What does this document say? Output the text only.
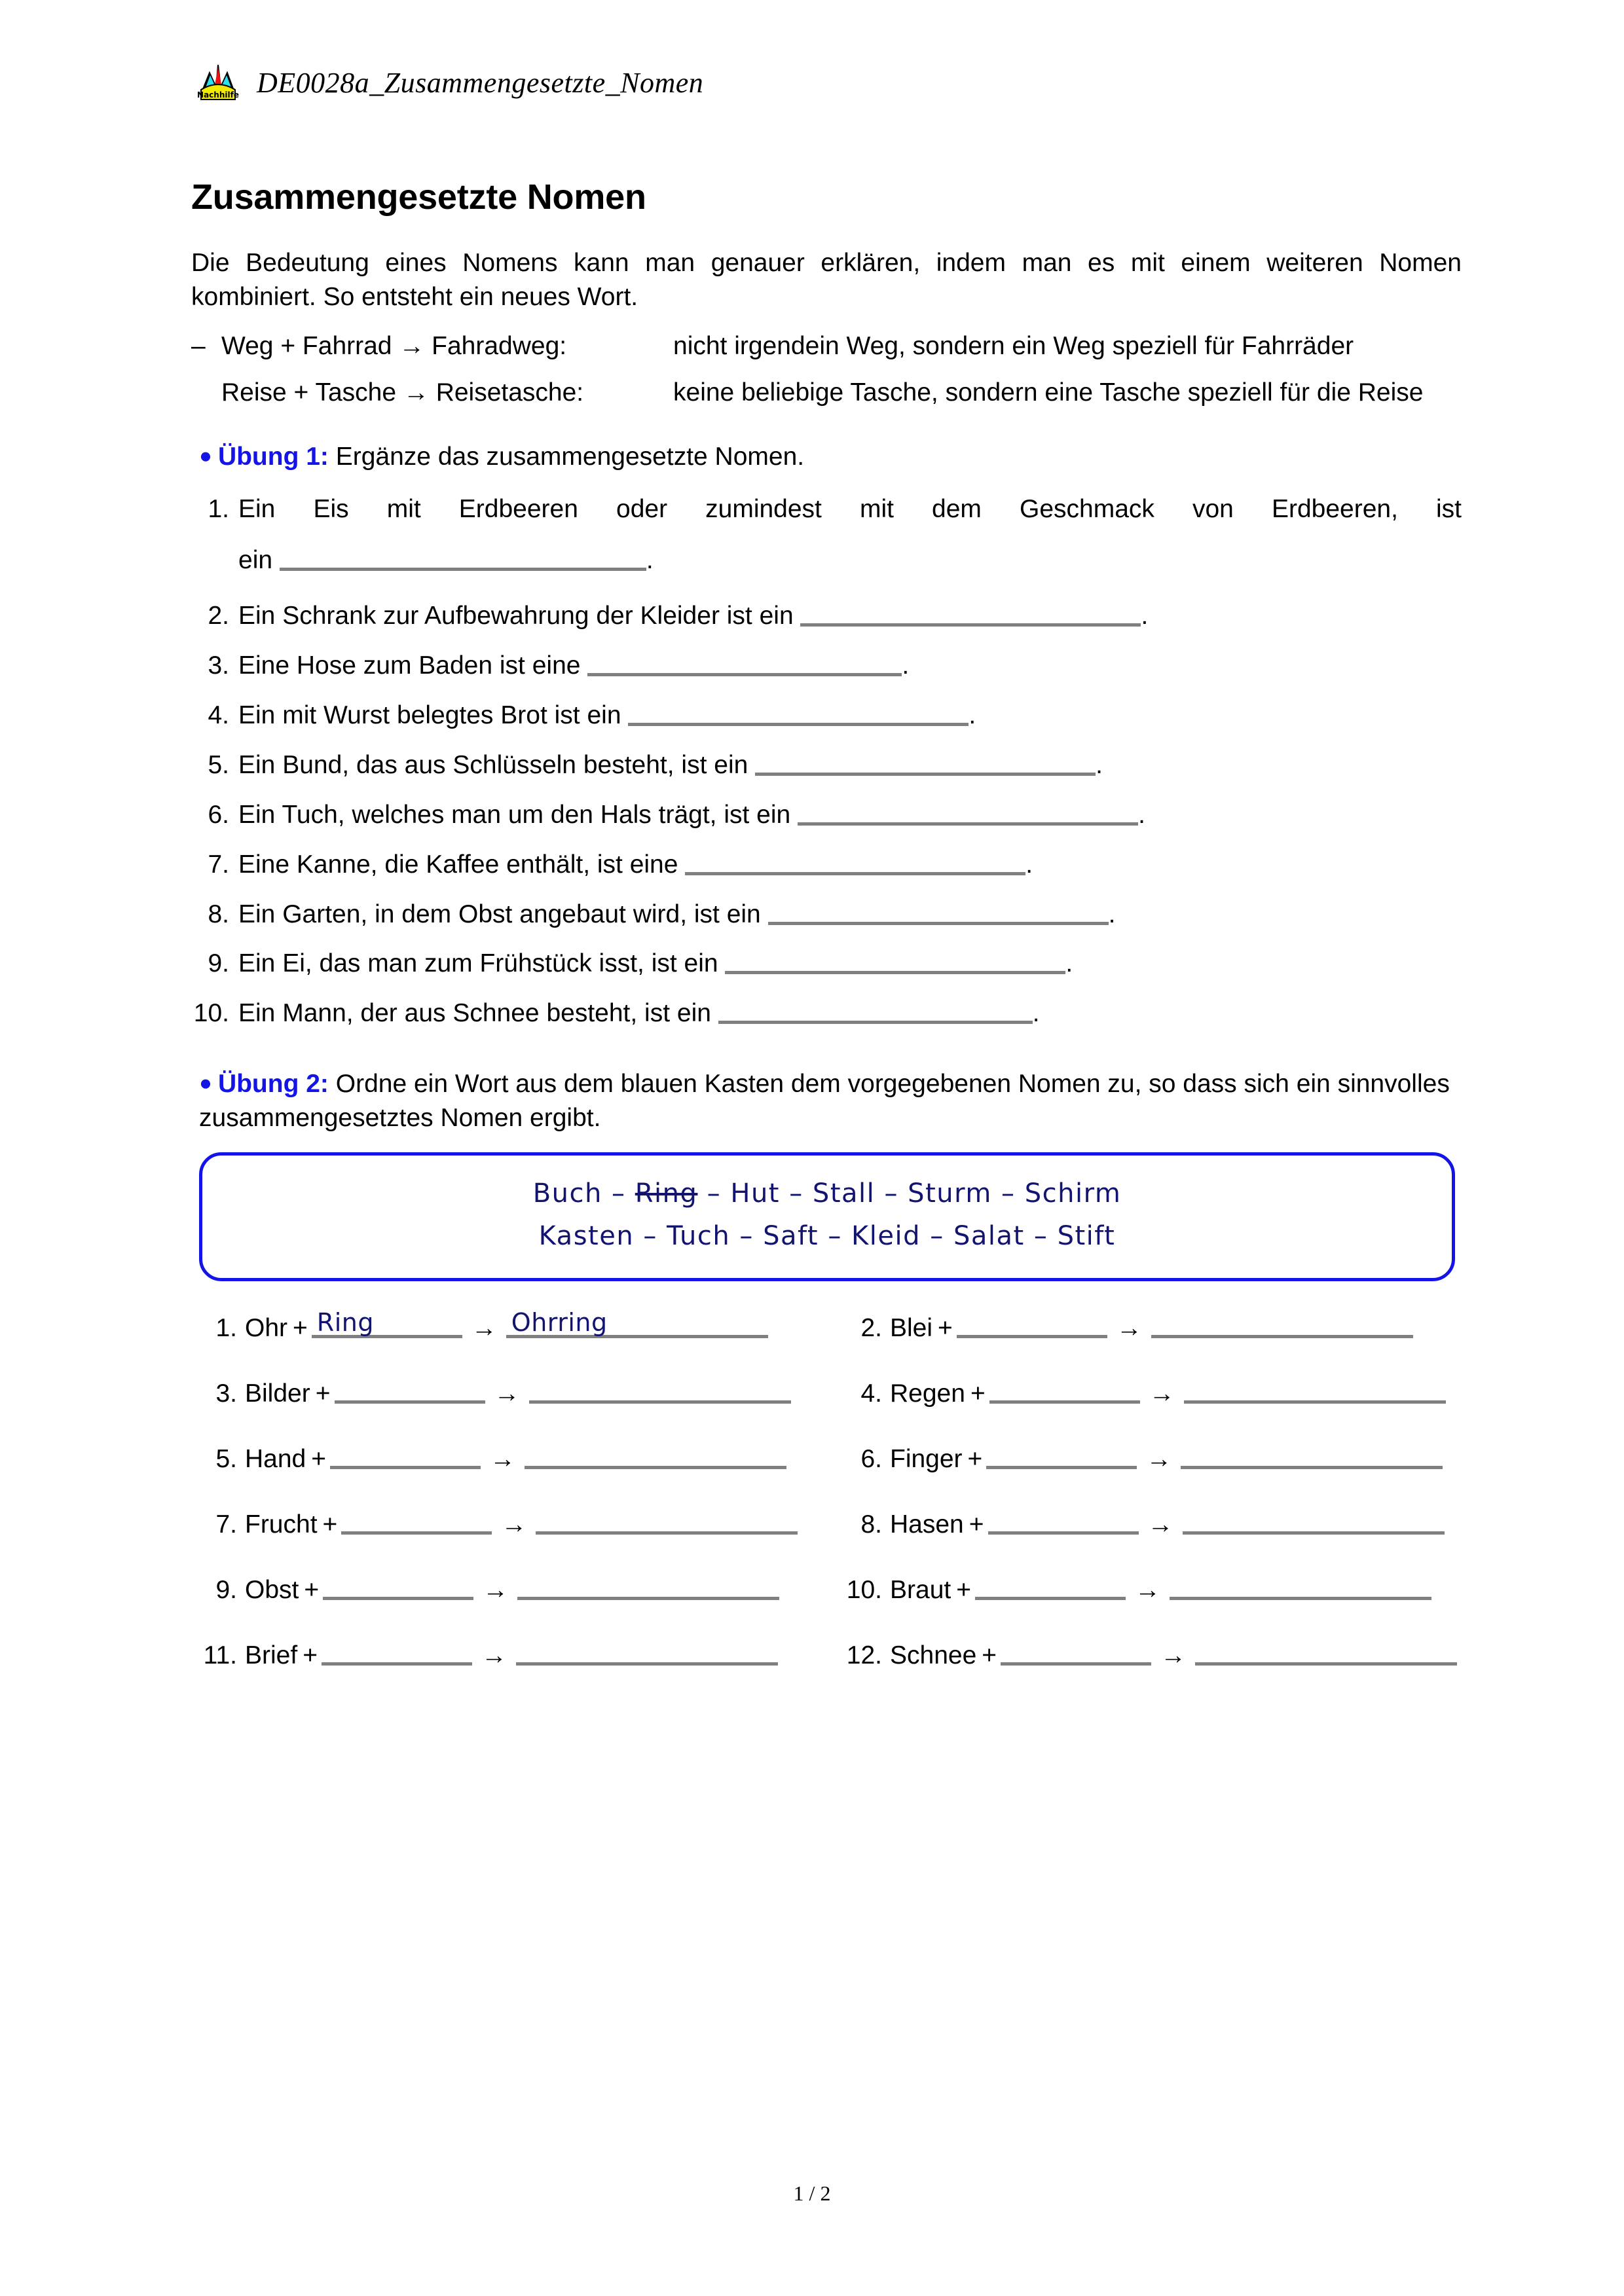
Nachhilfe DE0028a_Zusammengesetzte_Nomen
Zusammengesetzte Nomen

Die Bedeutung eines Nomens kann man genauer erklären, indem man es mit einem weiteren Nomen kombiniert. So entsteht ein neues Wort.

– Weg + Fahrrad → Fahradweg:	nicht irgendein Weg, sondern ein Weg speziell für Fahrräder
Reise + Tasche → Reisetasche:	keine beliebige Tasche, sondern eine Tasche speziell für die Reise
● Übung 1: Ergänze das zusammengesetzte Nomen.
1. Ein Eis mit Erdbeeren oder zumindest mit dem Geschmack von Erdbeeren, ist
ein	.
2. Ein Schrank zur Aufbewahrung der Kleider ist ein	.
3. Eine Hose zum Baden ist eine	.
4. Ein mit Wurst belegtes Brot ist ein	.
5. Ein Bund, das aus Schlüsseln besteht, ist ein	.
6. Ein Tuch, welches man um den Hals trägt, ist ein	.
7. Eine Kanne, die Kaffee enthält, ist eine	.
8. Ein Garten, in dem Obst angebaut wird, ist ein	.
9. Ein Ei, das man zum Frühstück isst, ist ein	.
10. Ein Mann, der aus Schnee besteht, ist ein	.
● Übung 2: Ordne ein Wort aus dem blauen Kasten dem vorgegebenen Nomen zu, so dass sich ein sinnvolles zusammengesetztes Nomen ergibt.
Buch – Ring – Hut – Stall – Sturm – Schirm
Kasten – Tuch – Saft – Kleid – Salat – Stift
1. Ohr + Ring	→ Ohrring	2. Blei +	→
3. Bilder +	→	4. Regen +	→
5. Hand +	→	6. Finger +	→
7. Frucht +	→	8. Hasen +	→
9. Obst +	→	10. Braut +	→
11. Brief +	→	12. Schnee +	→
1 / 2
